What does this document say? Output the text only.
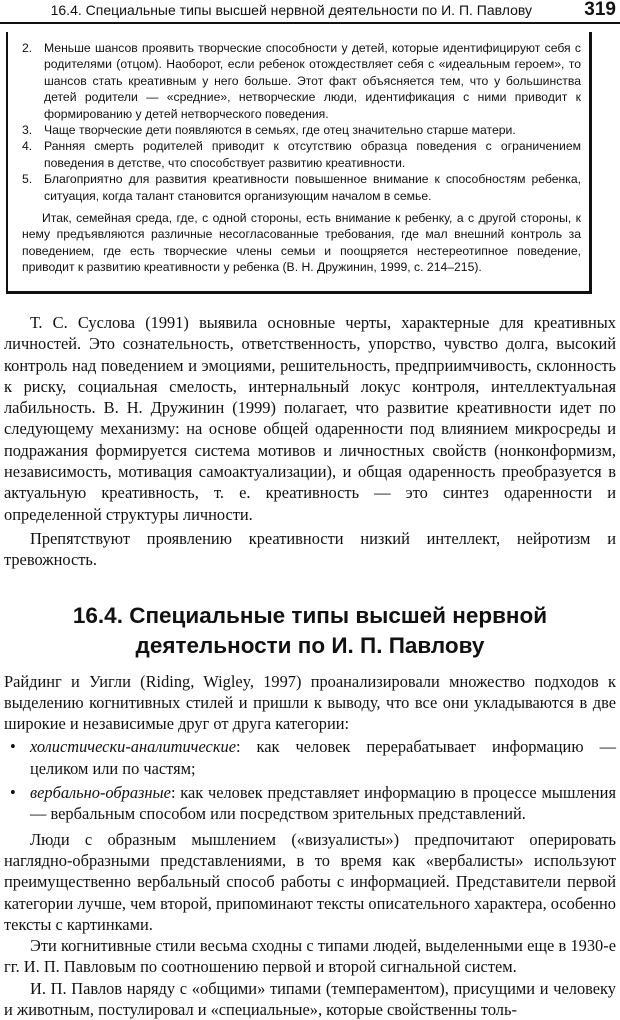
16.4. Специальные типы высшей нервной деятельности по И. П. Павлову	319
2. Меньше шансов проявить творческие способности у детей, которые идентифицируют себя с родителями (отцом). Наоборот, если ребенок отождествляет себя с «идеальным героем», то шансов стать креативным у него больше. Этот факт объясняется тем, что у большинства детей родители — «средние», нетворческие люди, идентификация с ними приводит к формированию у детей нетворческого поведения.
3. Чаще творческие дети появляются в семьях, где отец значительно старше матери.
4. Ранняя смерть родителей приводит к отсутствию образца поведения с ограничением поведения в детстве, что способствует развитию креативности.
5. Благоприятно для развития креативности повышенное внимание к способностям ребенка, ситуация, когда талант становится организующим началом в семье.

Итак, семейная среда, где, с одной стороны, есть внимание к ребенку, а с другой стороны, к нему предъявляются различные несогласованные требования, где мал внешний контроль за поведением, где есть творческие члены семьи и поощряется нестереотипное поведение, приводит к развитию креативности у ребенка (В. Н. Дружинин, 1999, с. 214–215).

Т. С. Суслова (1991) выявила основные черты, характерные для креативных личностей. Это сознательность, ответственность, упорство, чувство долга, высокий контроль над поведением и эмоциями, решительность, предприимчивость, склонность к риску, социальная смелость, интернальный локус контроля, интеллектуальная лабильность. В. Н. Дружинин (1999) полагает, что развитие креативности идет по следующему механизму: на основе общей одаренности под влиянием микросреды и подражания формируется система мотивов и личностных свойств (нонконформизм, независимость, мотивация самоактуализации), и общая одаренность преобразуется в актуальную креативность, т. е. креативность — это синтез одаренности и определенной структуры личности.

Препятствуют проявлению креативности низкий интеллект, нейротизм и тревожность.

16.4. Специальные типы высшей нервной деятельности по И. П. Павлову

Райдинг и Уигли (Riding, Wigley, 1997) проанализировали множество подходов к выделению когнитивных стилей и пришли к выводу, что все они укладываются в две широкие и независимые друг от друга категории:

• холистически-аналитические: как человек перерабатывает информацию — целиком или по частям;
• вербально-образные: как человек представляет информацию в процессе мышления — вербальным способом или посредством зрительных представлений.

Люди с образным мышлением («визуалисты») предпочитают оперировать наглядно-образными представлениями, в то время как «вербалисты» используют преимущественно вербальный способ работы с информацией. Представители первой категории лучше, чем второй, припоминают тексты описательного характера, особенно тексты с картинками.

Эти когнитивные стили весьма сходны с типами людей, выделенными еще в 1930-е гг. И. П. Павловым по соотношению первой и второй сигнальной систем.

И. П. Павлов наряду с «общими» типами (темпераментом), присущими и человеку и животным, постулировал и «специальные», которые свойственны толь-
